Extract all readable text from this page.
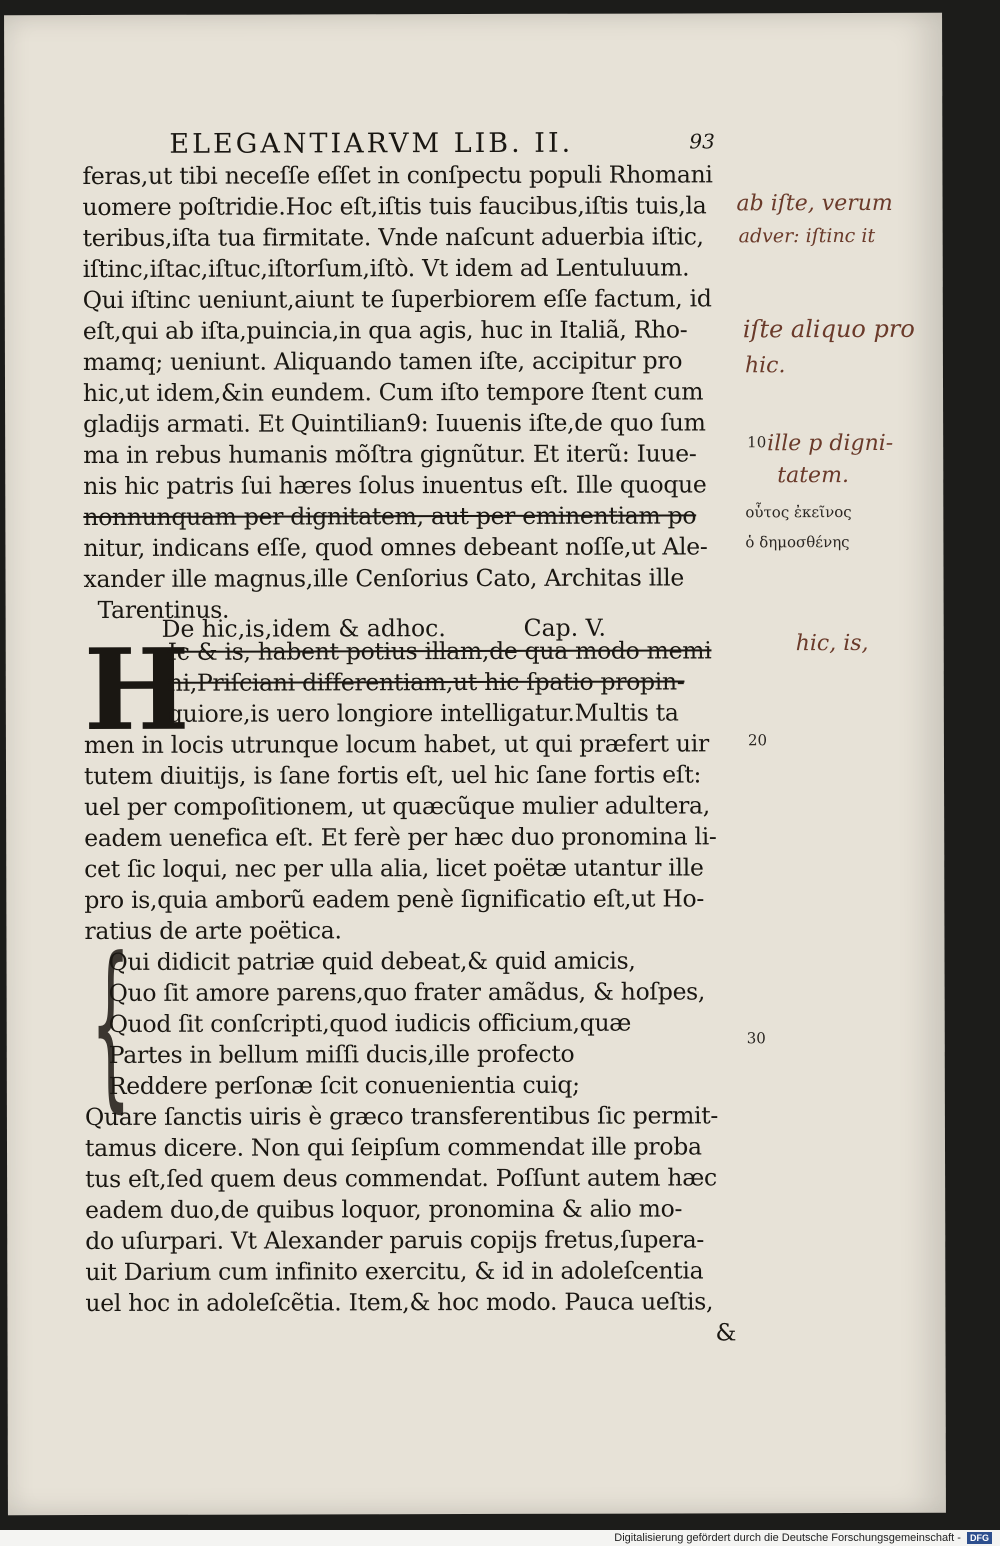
ELEGANTIARVM LIB. II.	93
feras,ut tibi neceſſe eſſet in conſpectu populi Rhomani
uomere poſtridie.Hoc eſt,iſtis tuis faucibus,iſtis tuis,la
teribus,iſta tua firmitate. Vnde naſcunt aduerbia iſtic,
iſtinc,iſtac,iſtuc,iſtorſum,iſtò. Vt idem ad Lentuluum.
Qui iſtinc ueniunt,aiunt te ſuperbiorem eſſe factum, id
eſt,qui ab iſta,puincia,in qua agis, huc in Italiã, Rho-
mamq; ueniunt. Aliquando tamen iſte, accipitur pro
hic,ut idem,&in eundem. Cum iſto tempore ſtent cum
gladijs armati. Et Quintilian9: Iuuenis iſte,de quo ſum
ma in rebus humanis mõſtra gignũtur. Et iterũ: Iuue-
nis hic patris ſui hæres ſolus inuentus eſt. Ille quoque
nonnunquam per dignitatem, aut per eminentiam po
nitur, indicans eſſe, quod omnes debeant noſſe,ut Ale-
xander ille magnus,ille Cenſorius Cato, Architas ille
Tarentinus.
De hic,is,idem & adhoc.	Cap. V.
H
Ic & is, habent potius illam,de qua modo memi
ni,Priſciani differentiam,ut hic ſpatio propin-
quiore,is uero longiore intelligatur.Multis ta
men in locis utrunque locum habet, ut qui præfert uir
tutem diuitijs, is ſane fortis eſt, uel hic ſane fortis eſt:
uel per compoſitionem, ut quæcũque mulier adultera,
eadem uenefica eſt. Et ferè per hæc duo pronomina li-
cet ſic loqui, nec per ulla alia, licet poëtæ utantur ille
pro is,quia amborũ eadem penè ſignificatio eſt,ut Ho-
ratius de arte poëtica.
{
Qui didicit patriæ quid debeat,& quid amicis,
Quo ſit amore parens,quo frater amãdus, & hoſpes,
Quod ſit conſcripti,quod iudicis officium,quæ
Partes in bellum miſſi ducis,ille profecto
Reddere perſonæ ſcit conuenientia cuiq;
Quare ſanctis uiris è græco transferentibus ſic permit-
tamus dicere. Non qui ſeipſum commendat ille proba
tus eſt,ſed quem deus commendat. Poſſunt autem hæc
eadem duo,de quibus loquor, pronomina & alio mo-
do uſurpari. Vt Alexander paruis copijs fretus,ſupera-
uit Darium cum infinito exercitu, & id in adoleſcentia
uel hoc in adoleſcẽtia. Item,& hoc modo. Pauca ueſtis,
&
ab iſte, verum
adver: iſtinc it
iſte aliquo pro
hic.
10 ille p digni-
tatem.
οὗτος ἐκεῖνος
ὁ δημοσθένης
hic, is,
20
30
Digitalisierung gefördert durch die Deutsche Forschungsgemeinschaft - DFG
